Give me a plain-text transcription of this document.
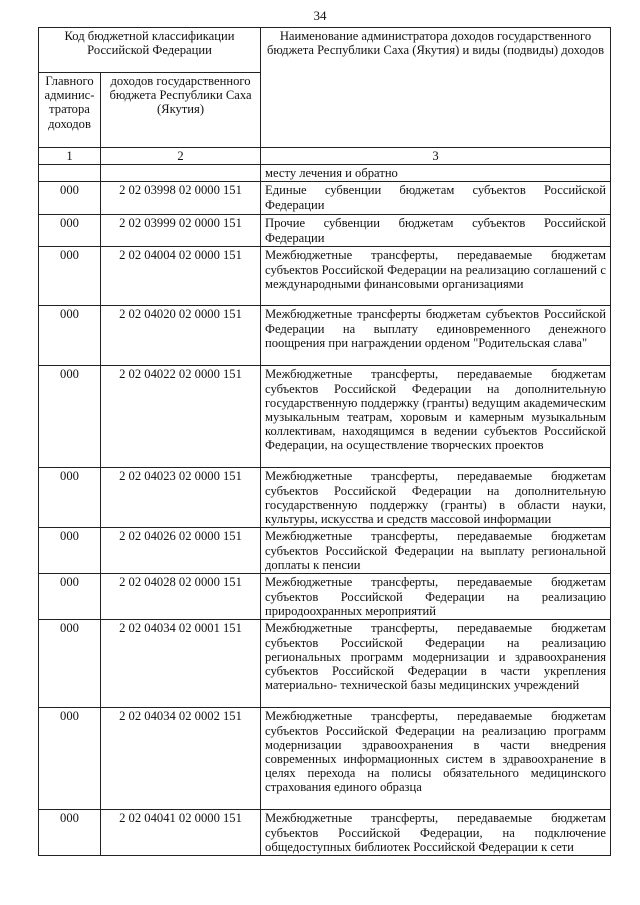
34
Код бюджетной классификации Российской Федерации		Наименование администратора доходов государственного бюджета Республики Саха (Якутия) и виды (подвиды) доходов
Главного админис-тратора доходов	доходов государственного бюджета Республики Саха (Якутия)	
1	2	3
		месту лечения и обратно
000	2 02 03998 02 0000 151	Единые субвенции бюджетам субъектов Российской Федерации
000	2 02 03999 02 0000 151	Прочие субвенции бюджетам субъектов Российской Федерации
000	2 02 04004 02 0000 151	Межбюджетные трансферты, передаваемые бюджетам субъектов Российской Федерации на реализацию соглашений с международными финансовыми организациями
000	2 02 04020 02 0000 151	Межбюджетные трансферты бюджетам субъектов Российской Федерации на выплату единовременного денежного поощрения при награждении орденом "Родительская слава"
000	2 02 04022 02 0000 151	Межбюджетные трансферты, передаваемые бюджетам субъектов Российской Федерации на дополнительную государственную поддержку (гранты) ведущим академическим музыкальным театрам, хоровым и камерным музыкальным коллективам, находящимся в ведении субъектов Российской Федерации, на осуществление творческих проектов
000	2 02 04023 02 0000 151	Межбюджетные трансферты, передаваемые бюджетам субъектов Российской Федерации на дополнительную государственную поддержку (гранты) в области науки, культуры, искусства и средств массовой информации
000	2 02 04026 02 0000 151	Межбюджетные трансферты, передаваемые бюджетам субъектов Российской Федерации на выплату региональной доплаты к пенсии
000	2 02 04028 02 0000 151	Межбюджетные трансферты, передаваемые бюджетам субъектов Российской Федерации на реализацию природоохранных мероприятий
000	2 02 04034 02 0001 151	Межбюджетные трансферты, передаваемые бюджетам субъектов Российской Федерации на реализацию региональных программ модернизации и здравоохранения субъектов Российской Федерации в части укрепления материально- технической базы медицинских учреждений
000	2 02 04034 02 0002 151	Межбюджетные трансферты, передаваемые бюджетам субъектов Российской Федерации на реализацию программ модернизации здравоохранения в части внедрения современных информационных систем в здравоохранение в целях перехода на полисы обязательного медицинского страхования единого образца
000	2 02 04041 02 0000 151	Межбюджетные трансферты, передаваемые бюджетам субъектов Российской Федерации, на подключение общедоступных библиотек Российской Федерации к сети
